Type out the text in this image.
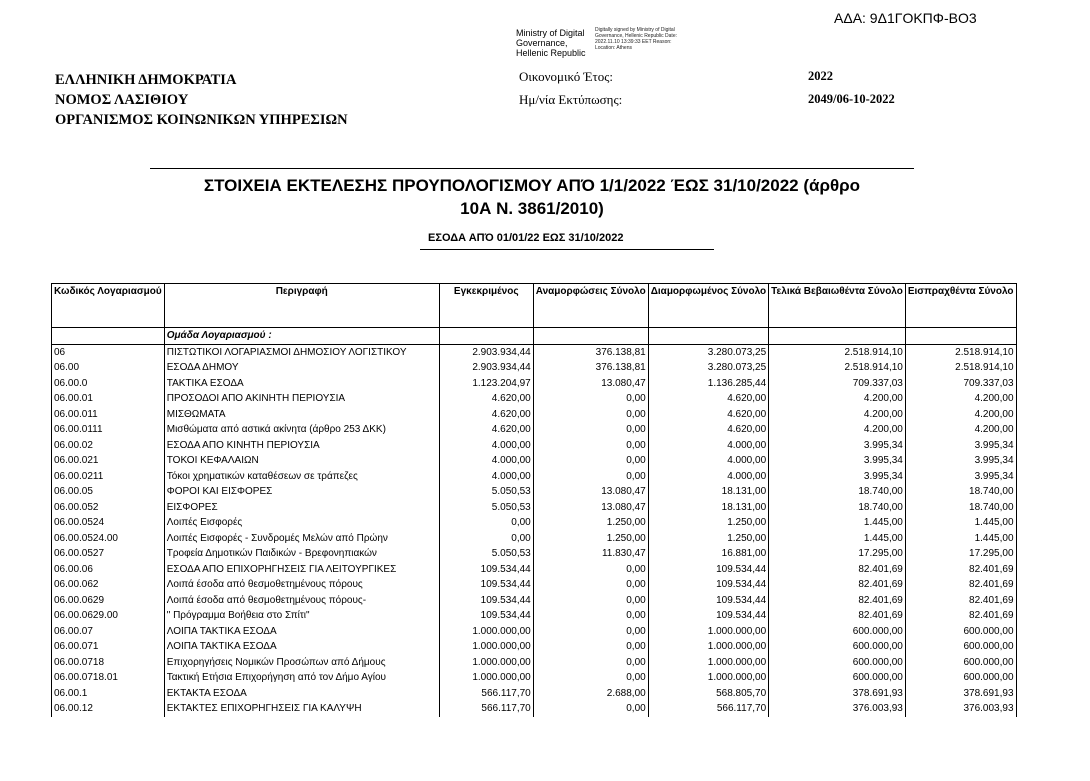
ΑΔΑ: 9Δ1ΓΟΚΠΦ-ΒΟ3
Ministry of Digital Governance, Hellenic Republic
Digitally signed by Ministry of Digital Governance, Hellenic Republic Date: 2022.11.10 13:39:33 EET Reason: Location: Athens
ΕΛΛΗΝΙΚΗ ΔΗΜΟΚΡΑΤΙΑ
ΝΟΜΟΣ ΛΑΣΙΘΙΟΥ
ΟΡΓΑΝΙΣΜΟΣ ΚΟΙΝΩΝΙΚΩΝ ΥΠΗΡΕΣΙΩΝ
Οικονομικό Έτος:	2022
Ημ/νία Εκτύπωσης:	2049/06-10-2022
ΣΤΟΙΧΕΙΑ ΕΚΤΕΛΕΣΗΣ ΠΡΟΥΠΟΛΟΓΙΣΜΟΥ ΑΠΌ 1/1/2022 ΈΩΣ 31/10/2022 (άρθρο
10Α Ν. 3861/2010)
ΕΣΟΔΑ ΑΠΌ 01/01/22 ΕΩΣ 31/10/2022
Κωδικός Λογαριασμού	Περιγραφή	Εγκεκριμένος	Αναμορφώσεις Σύνολο	Διαμορφωμένος Σύνολο	Τελικά Βεβαιωθέντα Σύνολο	Εισπραχθέντα Σύνολο
	Ομάδα Λογαριασμού :					
06	ΠΙΣΤΩΤΙΚΟΙ ΛΟΓΑΡΙΑΣΜΟΙ ΔΗΜΟΣΙΟΥ ΛΟΓΙΣΤΙΚΟΥ	2.903.934,44	376.138,81	3.280.073,25	2.518.914,10	2.518.914,10
06.00	ΕΣΟΔΑ ΔΗΜΟΥ	2.903.934,44	376.138,81	3.280.073,25	2.518.914,10	2.518.914,10
06.00.0	ΤΑΚΤΙΚΑ ΕΣΟΔΑ	1.123.204,97	13.080,47	1.136.285,44	709.337,03	709.337,03
06.00.01	ΠΡΟΣΟΔΟΙ ΑΠΟ ΑΚΙΝΗΤΗ ΠΕΡΙΟΥΣΙΑ	4.620,00	0,00	4.620,00	4.200,00	4.200,00
06.00.011	ΜΙΣΘΩΜΑΤΑ	4.620,00	0,00	4.620,00	4.200,00	4.200,00
06.00.0111	Μισθώματα από αστικά ακίνητα (άρθρο 253 ΔΚΚ)	4.620,00	0,00	4.620,00	4.200,00	4.200,00
06.00.02	ΕΣΟΔΑ ΑΠΟ ΚΙΝΗΤΗ ΠΕΡΙΟΥΣΙΑ	4.000,00	0,00	4.000,00	3.995,34	3.995,34
06.00.021	ΤΟΚΟΙ ΚΕΦΑΛΑΙΩΝ	4.000,00	0,00	4.000,00	3.995,34	3.995,34
06.00.0211	Τόκοι χρηματικών καταθέσεων σε τράπεζες	4.000,00	0,00	4.000,00	3.995,34	3.995,34
06.00.05	ΦΟΡΟΙ ΚΑΙ ΕΙΣΦΟΡΕΣ	5.050,53	13.080,47	18.131,00	18.740,00	18.740,00
06.00.052	ΕΙΣΦΟΡΕΣ	5.050,53	13.080,47	18.131,00	18.740,00	18.740,00
06.00.0524	Λοιπές Εισφορές	0,00	1.250,00	1.250,00	1.445,00	1.445,00
06.00.0524.00	Λοιπές Εισφορές - Συνδρομές Μελών από Πρώην	0,00	1.250,00	1.250,00	1.445,00	1.445,00
06.00.0527	Τροφεία Δημοτικών Παιδικών - Βρεφονηπιακών	5.050,53	11.830,47	16.881,00	17.295,00	17.295,00
06.00.06	ΕΣΟΔΑ ΑΠΟ ΕΠΙΧΟΡΗΓΗΣΕΙΣ ΓΙΑ ΛΕΙΤΟΥΡΓΙΚΕΣ	109.534,44	0,00	109.534,44	82.401,69	82.401,69
06.00.062	Λοιπά έσοδα από θεσμοθετημένους πόρους	109.534,44	0,00	109.534,44	82.401,69	82.401,69
06.00.0629	Λοιπά έσοδα από θεσμοθετημένους πόρους-	109.534,44	0,00	109.534,44	82.401,69	82.401,69
06.00.0629.00	" Πρόγραμμα Βοήθεια στο Σπίτι"	109.534,44	0,00	109.534,44	82.401,69	82.401,69
06.00.07	ΛΟΙΠΑ ΤΑΚΤΙΚΑ ΕΣΟΔΑ	1.000.000,00	0,00	1.000.000,00	600.000,00	600.000,00
06.00.071	ΛΟΙΠΑ ΤΑΚΤΙΚΑ ΕΣΟΔΑ	1.000.000,00	0,00	1.000.000,00	600.000,00	600.000,00
06.00.0718	Επιχορηγήσεις Νομικών Προσώπων από Δήμους	1.000.000,00	0,00	1.000.000,00	600.000,00	600.000,00
06.00.0718.01	Τακτική Ετήσια Επιχορήγηση από τον Δήμο Αγίου	1.000.000,00	0,00	1.000.000,00	600.000,00	600.000,00
06.00.1	ΕΚΤΑΚΤΑ ΕΣΟΔΑ	566.117,70	2.688,00	568.805,70	378.691,93	378.691,93
06.00.12	ΕΚΤΑΚΤΕΣ ΕΠΙΧΟΡΗΓΗΣΕΙΣ ΓΙΑ ΚΑΛΥΨΗ	566.117,70	0,00	566.117,70	376.003,93	376.003,93
